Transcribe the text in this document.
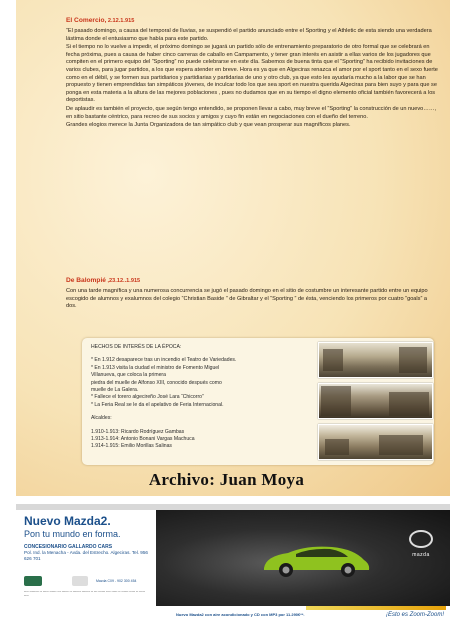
El Comercio, 2.12.1.915

“El pasado domingo, a causa del temporal de lluvias, se suspendió el partido anunciado entre el Sporting y el Athletic de esta siendo una verdadera lástima donde el entusiasmo que había para este partido.

Si el tiempo no lo vuelve a impedir, el próximo domingo se jugará un partido sólo de entrenamiento preparatorio de otro formal que se celebrará en fecha próxima, pues a causa de haber cinco carreras de caballo en Campamento, y tener gran interés en asistir a ellas varios de los jugadores que compiten en el primero equipo del “Sporting” no puede celebrarse en este día. Sabemos de buena tinta que el “Sporting” ha recibido invitaciones de varios clubes, para jugar partidos, a los que espera atender en breve. Hora es ya que en Algeciras renazca el amor por el sport tanto en el sexo fuerte como en el débil, y se formen sus partidiarios y partidiarias y partidarias de uno y otro club, ya que esto les ayudaría mucho a la labor que se han propuesto y tienen emprendidas tan simpáticos jóvenes, de inculcar todo los que sea sport en nuestra querida Algeciras para bien suyo y para que se ponga en esta materia a la altura de las mejores poblaciones , pues no dudamos que en su tiempo el digno elemento oficial también favorecerá a los deportistas.

De aplaudir es también el proyecto, que según tengo entendido, se proponen llevar a cabo, muy breve el “Sporting” la construcción de un nuevo……, en sitio bastante céntrico, para recreo de sus socios y amigos y cuyo fin están en negociaciones con el dueño del terreno.

Grandes elogios merece la Junta Organizadora de tan simpático club y que vean prosperar sus magníficos planes.

De Balompié ,23.12..1.915

Con una tarde magnífica y una numerosa concurrencia se jugó el pasado domingo en el sitio de costumbre un interesante partido entre un equipo escogido de alumnos y exalumnos del colegio “Christian Baside ” de Gibraltar y el “Sporting ” de ésta, venciendo los primeros por cuatro “goals” a dos.

HECHOS DE INTERÉS DE LA ÉPOCA:
* En 1.912 desaparece tras un incendio el Teatro de Variedades.
* En 1.913 visita la ciudad el ministro de Fomento Miguel
Villanueva, que coloca la primera
piedra del muelle de Alfonso XIII, conocido después como
muelle de La Galera.
* Fallece el torero algecireño José Lara “Chicorro”
* La Feria Real se le da el apelativo de Feria Internacional.
Alcaldes:
1.910-1.913: Ricardo Rodríguez Gambas
1.913-1.914: Antonio Bonani Vargas Machuca
1.914-1.915: Emilio Morillas Salinas
Archivo: Juan Moya
Nuevo Mazda2.
Pon tu mundo en forma.
CONCESIONARIO GALLARDO CARS
Pol. Ind. la Menacha - Avda. del Estrecho. Algeciras. Tel. 956 626 701
Mazda C09 - 902 300 454
**** ******** ** ***** ****** *** ****** ** ******* ******* ** *** ****** **** ***** ** ****** ***** ** ***** ****
mazda
Nuevo Mazda2 con aire acondicionado y CD con MP3 por 11.290€**.	¡Esto es Zoom-Zoom!
